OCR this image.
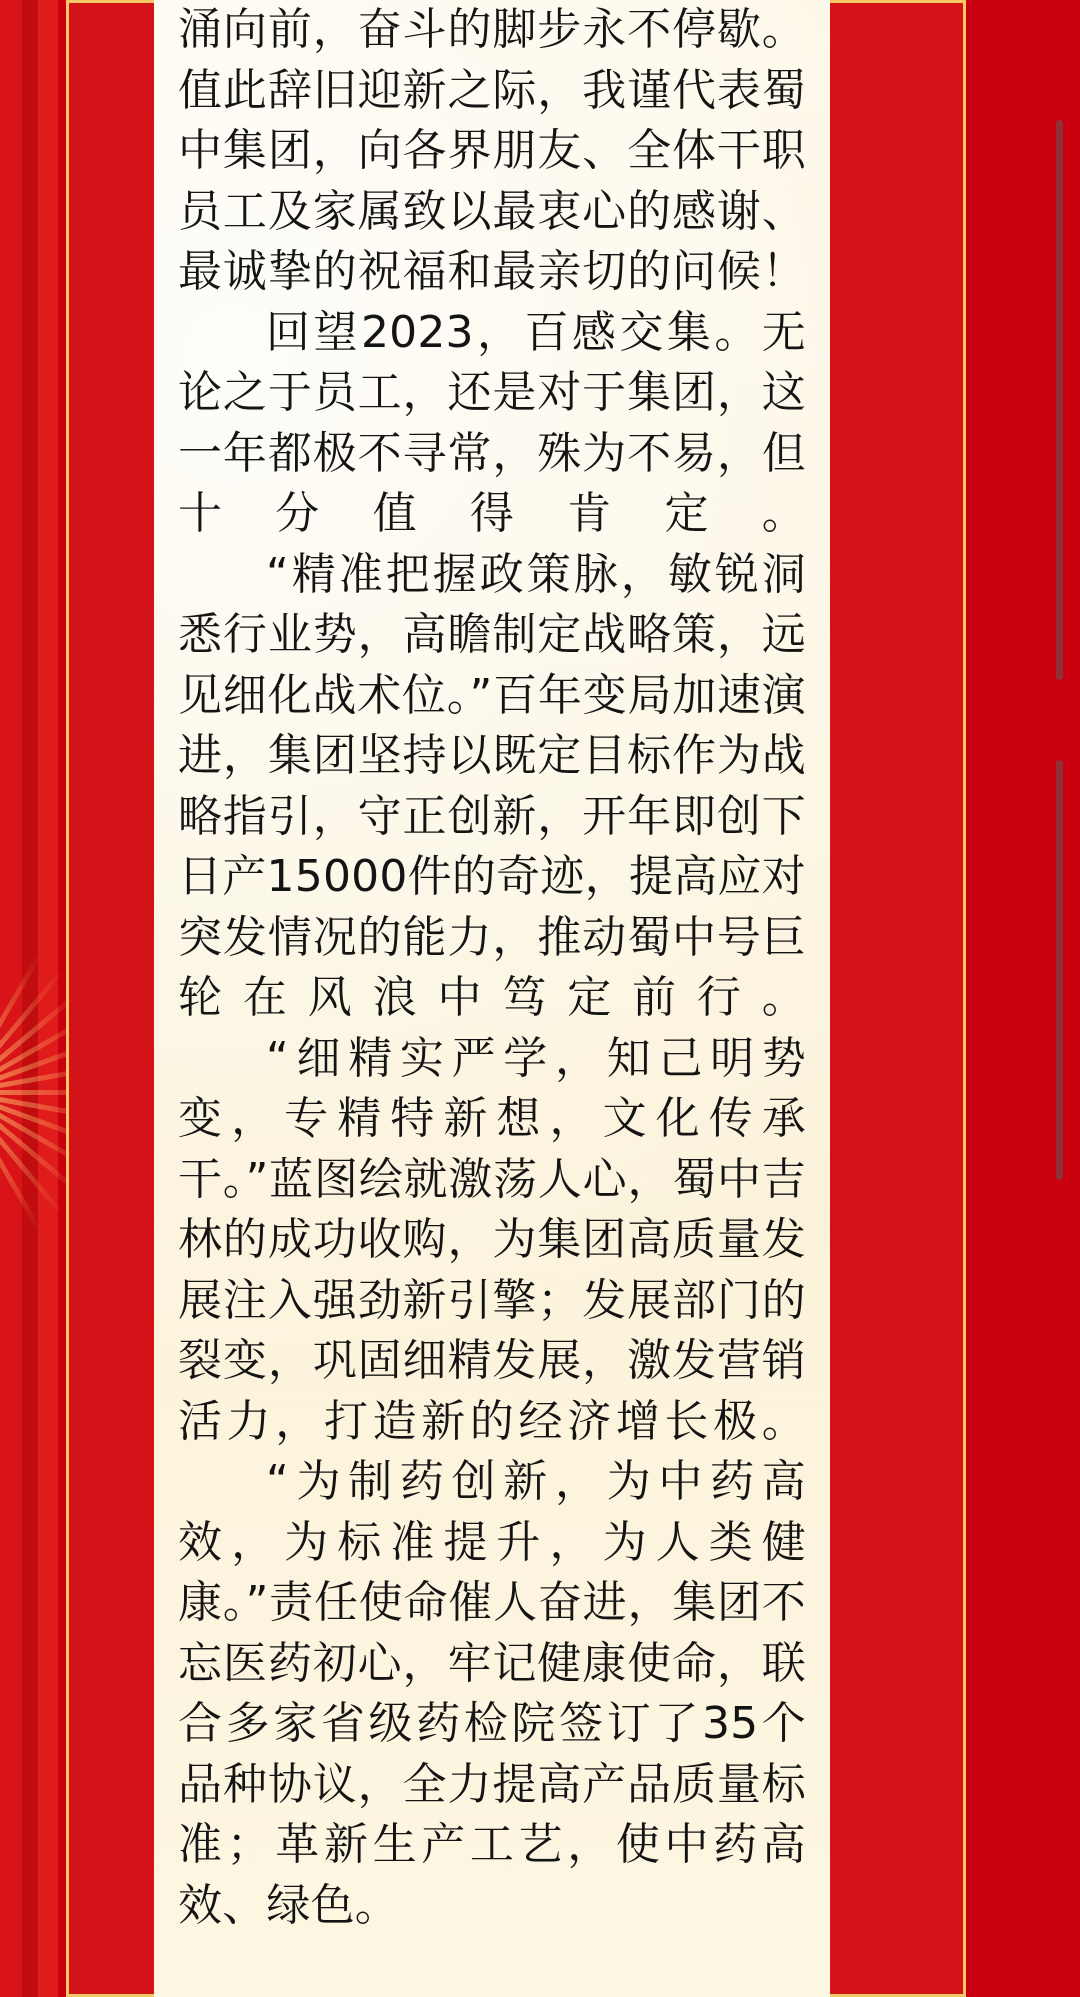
涌向前，奋斗的脚步永不停歇。值此辞旧迎新之际，我谨代表蜀中集团，向各界朋友、全体干职员工及家属致以最衷心的感谢、最诚挚的祝福和最亲切的问候！

回望2023，百感交集。无论之于员工，还是对于集团，这一年都极不寻常，殊为不易，但十分值得肯定。

“精准把握政策脉，敏锐洞悉行业势，高瞻制定战略策，远见细化战术位。”百年变局加速演进，集团坚持以既定目标作为战略指引，守正创新，开年即创下日产15000件的奇迹，提高应对突发情况的能力，推动蜀中号巨轮在风浪中笃定前行。

“细精实严学，知己明势变，专精特新想，文化传承干。”蓝图绘就激荡人心，蜀中吉林的成功收购，为集团高质量发展注入强劲新引擎；发展部门的裂变，巩固细精发展，激发营销活力，打造新的经济增长极。

“为制药创新，为中药高效，为标准提升，为人类健康。”责任使命催人奋进，集团不忘医药初心，牢记健康使命，联合多家省级药检院签订了35个品种协议，全力提高产品质量标准；革新生产工艺，使中药高效、绿色。
